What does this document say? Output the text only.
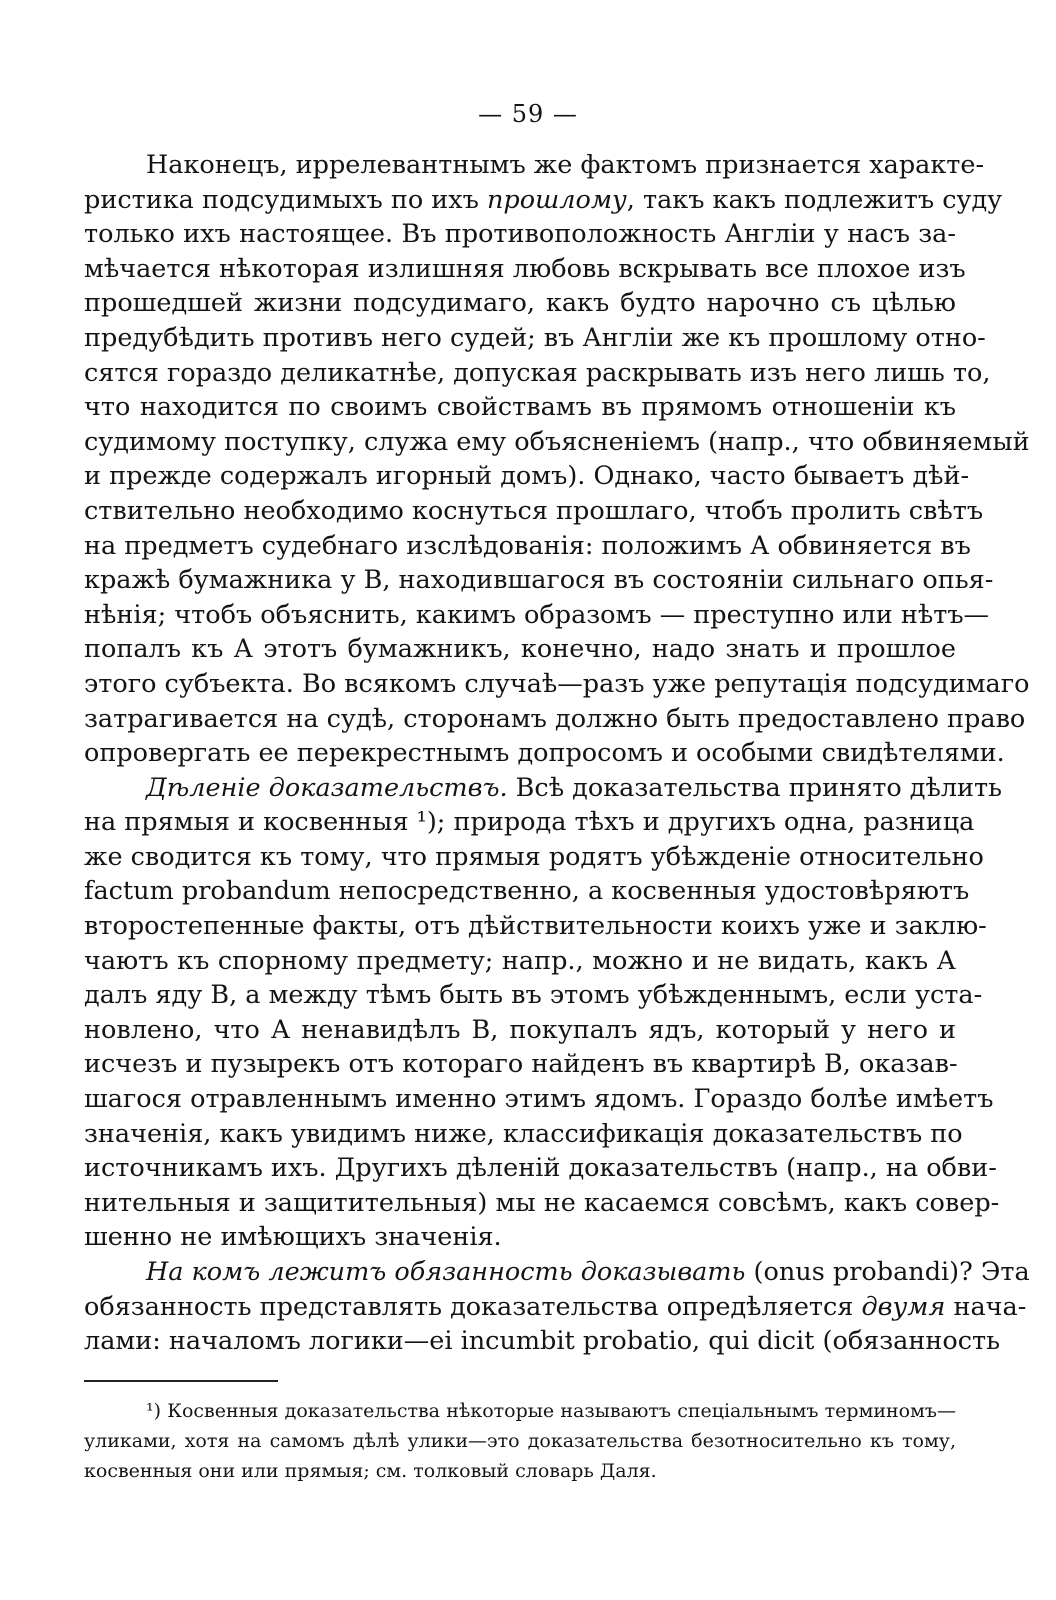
— 59 —
Наконецъ, иррелевантнымъ же фактомъ признается характе-
ристика подсудимыхъ по ихъ прошлому, такъ какъ подлежитъ суду
только ихъ настоящее. Въ противоположность Англiи у насъ за-
мѣчается нѣкоторая излишняя любовь вскрывать все плохое изъ
прошедшей жизни подсудимаго, какъ будто нарочно съ цѣлью
предубѣдить противъ него судей; въ Англiи же къ прошлому отно-
сятся гораздо деликатнѣе, допуская раскрывать изъ него лишь то,
что находится по своимъ свойствамъ въ прямомъ отношенiи къ
судимому поступку, служа ему объясненiемъ (напр., что обвиняемый
и прежде содержалъ игорный домъ). Однако, часто бываетъ дѣй-
ствительно необходимо коснуться прошлаго, чтобъ пролить свѣтъ
на предметъ судебнаго изслѣдованiя: положимъ А обвиняется въ
кражѣ бумажника у В, находившагося въ состоянiи сильнаго опья-
нѣнiя; чтобъ объяснить, какимъ образомъ — преступно или нѣтъ—
попалъ къ А этотъ бумажникъ, конечно, надо знать и прошлое
этого субъекта. Во всякомъ случаѣ—разъ уже репутацiя подсудимаго
затрагивается на судѣ, сторонамъ должно быть предоставлено право
опровергать ее перекрестнымъ допросомъ и особыми свидѣтелями.
Дѣленiе доказательствъ. Всѣ доказательства принято дѣлить
на прямыя и косвенныя ¹); природа тѣхъ и другихъ одна, разница
же сводится къ тому, что прямыя родятъ убѣжденiе относительно
factum probandum непосредственно, а косвенныя удостовѣряютъ
второстепенные факты, отъ дѣйствительности коихъ уже и заклю-
чаютъ къ спорному предмету; напр., можно и не видать, какъ А
далъ яду В, а между тѣмъ быть въ этомъ убѣжденнымъ, если уста-
новлено, что А ненавидѣлъ В, покупалъ ядъ, который у него и
исчезъ и пузырекъ отъ котораго найденъ въ квартирѣ В, оказав-
шагося отравленнымъ именно этимъ ядомъ. Гораздо болѣе имѣетъ
значенiя, какъ увидимъ ниже, классификацiя доказательствъ по
источникамъ ихъ. Другихъ дѣленiй доказательствъ (напр., на обви-
нительныя и защитительныя) мы не касаемся совсѣмъ, какъ совер-
шенно не имѣющихъ значенiя.
На комъ лежитъ обязанность доказывать (onus probandi)? Эта
обязанность представлять доказательства опредѣляется двумя нача-
лами: началомъ логики—ei incumbit probatio, qui dicit (обязанность
¹) Косвенныя доказательства нѣкоторые называютъ спецiальнымъ терминомъ—
уликами, хотя на самомъ дѣлѣ улики—это доказательства безотносительно къ тому,
косвенныя они или прямыя; см. толковый словарь Даля.
